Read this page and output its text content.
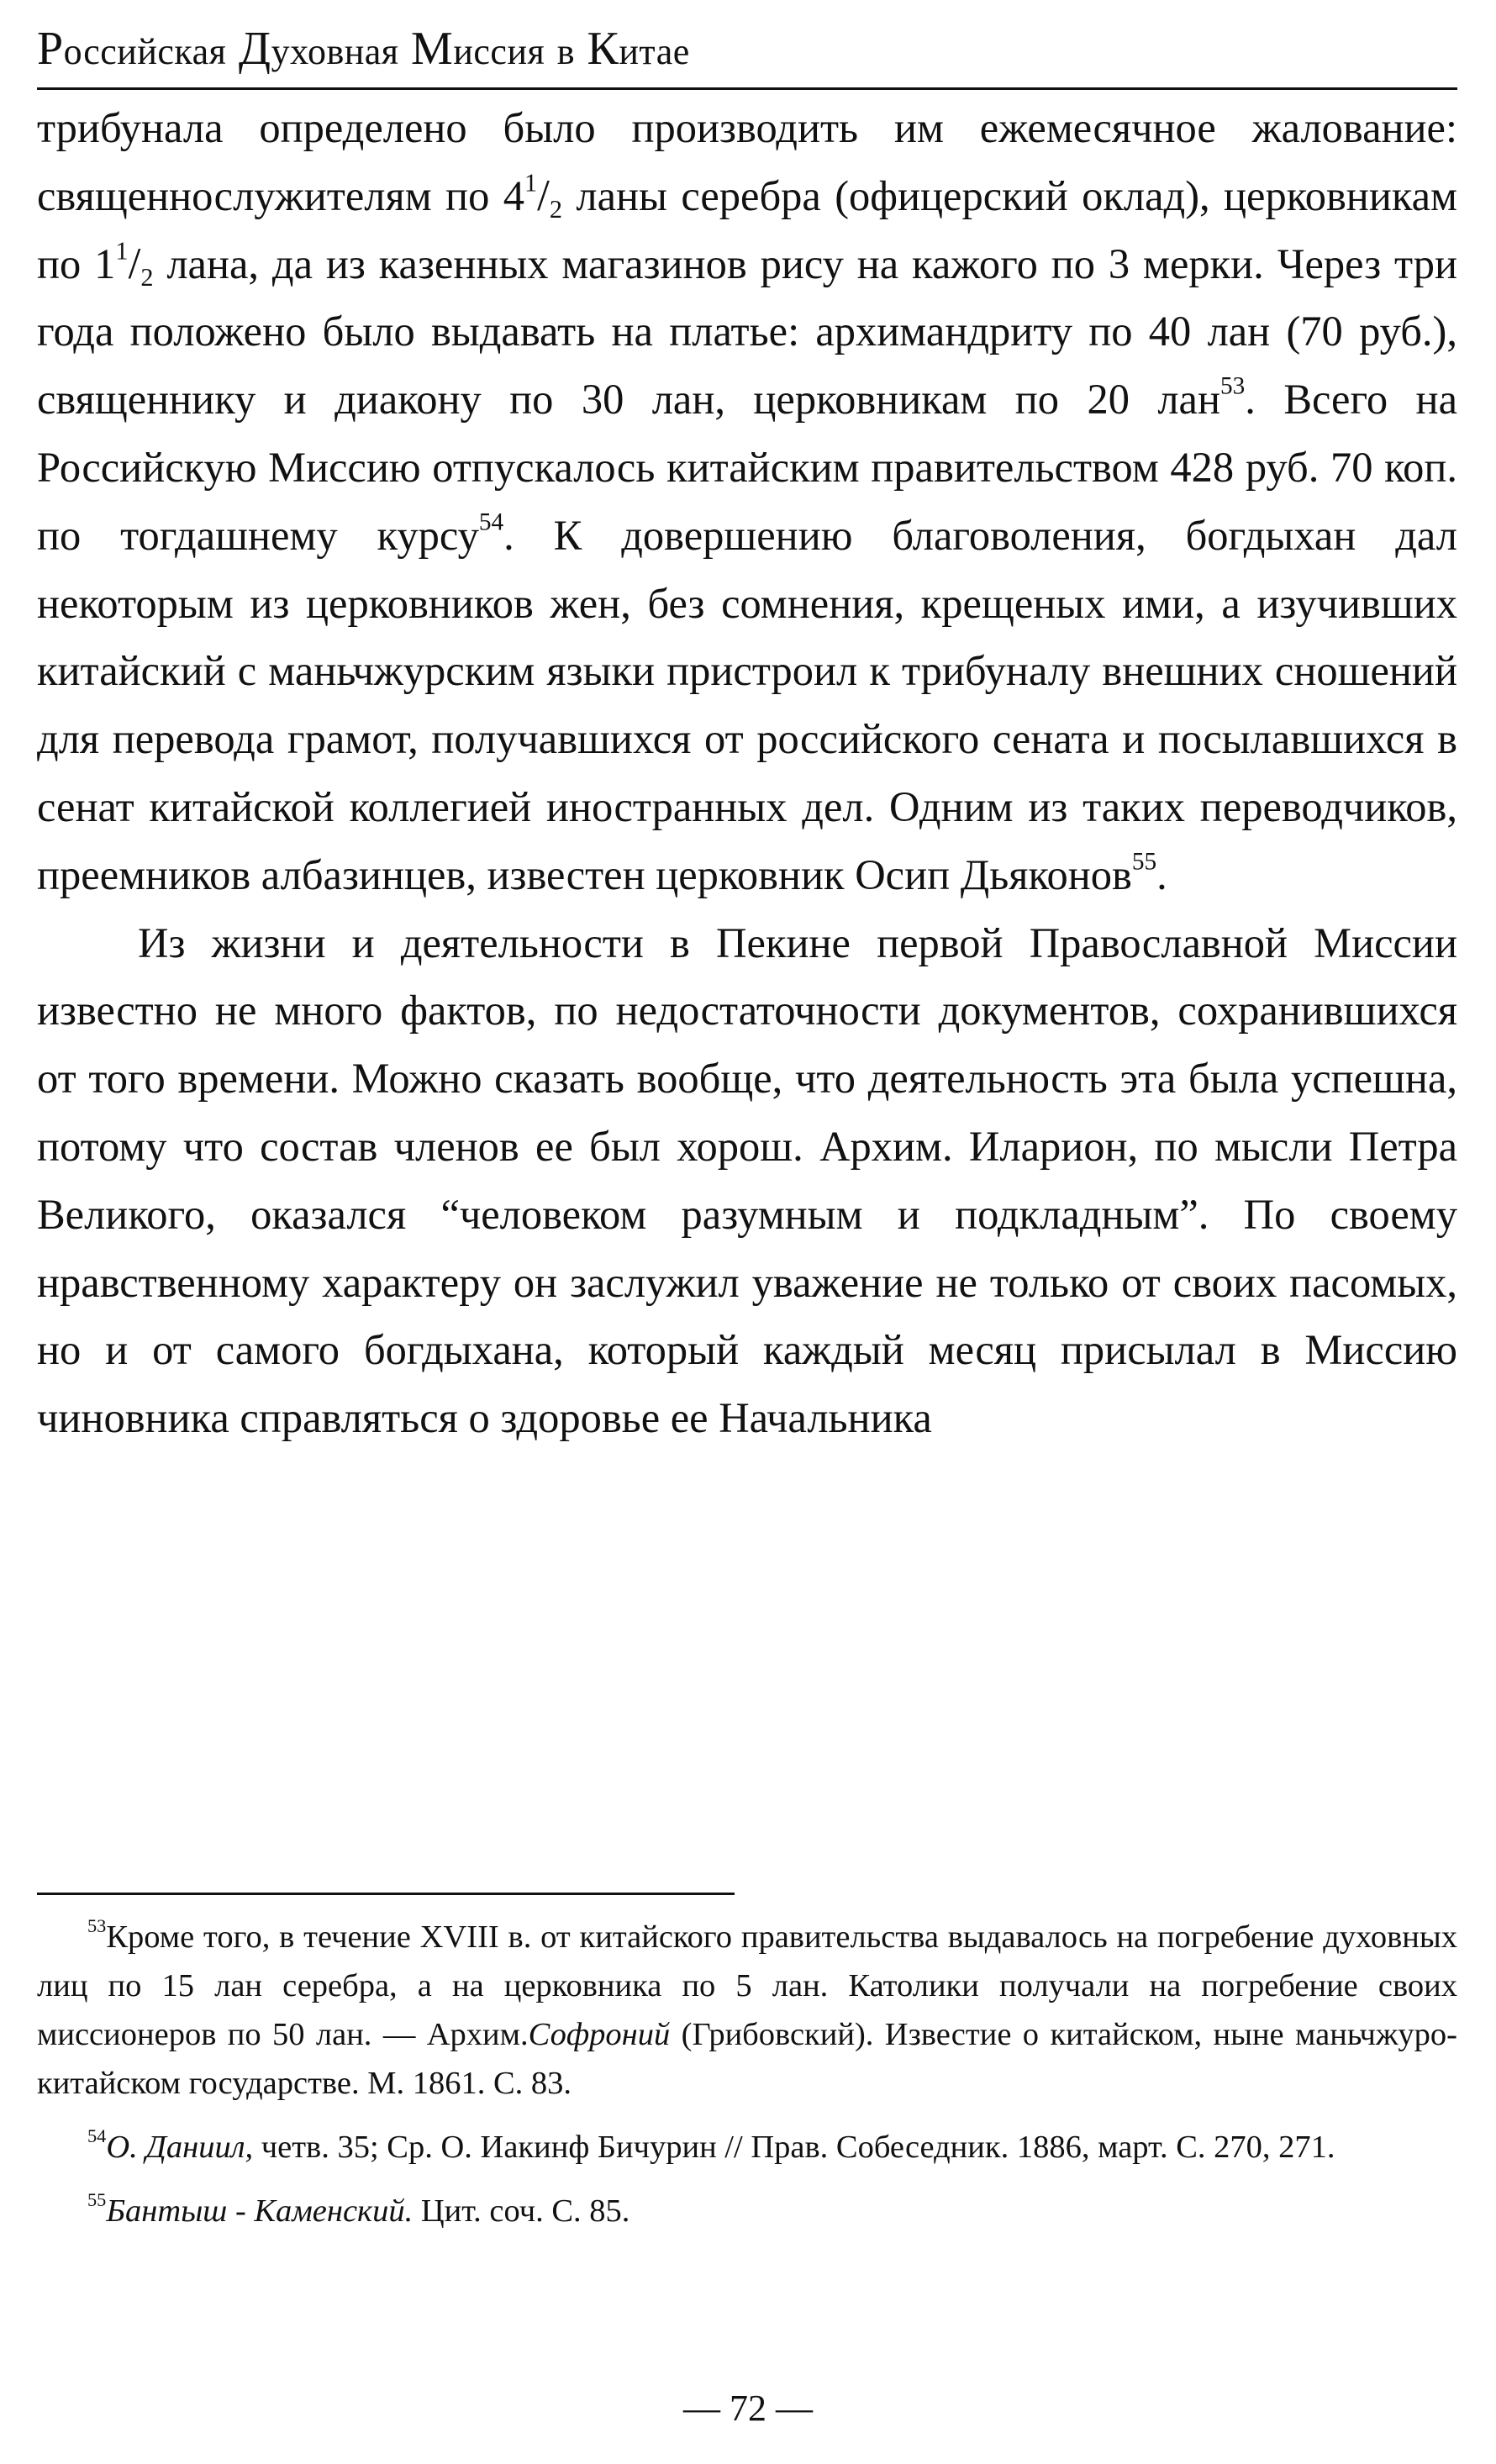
Российская Духовная Миссия в Китае

трибунала определено было производить им ежемесячное жалование: священнослужителям по $4^1/_2$ ланы серебра (офицерский оклад), церковникам по $1^1/_2$ лана, да из казенных магазинов рису на кажого по 3 мерки. Через три года положено было выдавать на платье: архимандриту по 40 лан (70 руб.), священнику и диакону по 30 лан, церковникам по 20 лан$^{53}$. Всего на Российскую Миссию отпускалось китайским правительством 428 руб. 70 коп. по тогдашнему курсу$^{54}$. К довершению благоволения, богдыхан дал некоторым из церковников жен, без сомнения, крещеных ими, а изучивших китайский с маньчжурским языки пристроил к трибуналу внешних сношений для перевода грамот, получавшихся от российского сената и посылавшихся в сенат китайской коллегией иностранных дел. Одним из таких переводчиков, преемников албазинцев, известен церковник Осип Дьяконов$^{55}$.

Из жизни и деятельности в Пекине первой Православной Миссии известно не много фактов, по недостаточности документов, сохранившихся от того времени. Можно сказать вообще, что деятельность эта была успешна, потому что состав членов ее был хорош. Архим. Иларион, по мысли Петра Великого, оказался “человеком разумным и подкладным”. По своему нравственному характеру он заслужил уважение не только от своих пасомых, но и от самого богдыхана, который каждый месяц присылал в Миссию чиновника справляться о здоровье ее Начальника

$^{53}$Кроме того, в течение XVIII в. от китайского правительства выдавалось на погребение духовных лиц по 15 лан серебра, а на церковника по 5 лан. Католики получали на погребение своих миссионеров по 50 лан. — Архим.Софроний (Грибовский). Известие о китайском, ныне маньчжуро-китайском государстве. М. 1861. С. 83.

$^{54}$О. Даниил, четв. 35; Ср. О. Иакинф Бичурин // Прав. Собеседник. 1886, март. С. 270, 271.

$^{55}$Бантыш - Каменский. Цит. соч. С. 85.

— 72 —
